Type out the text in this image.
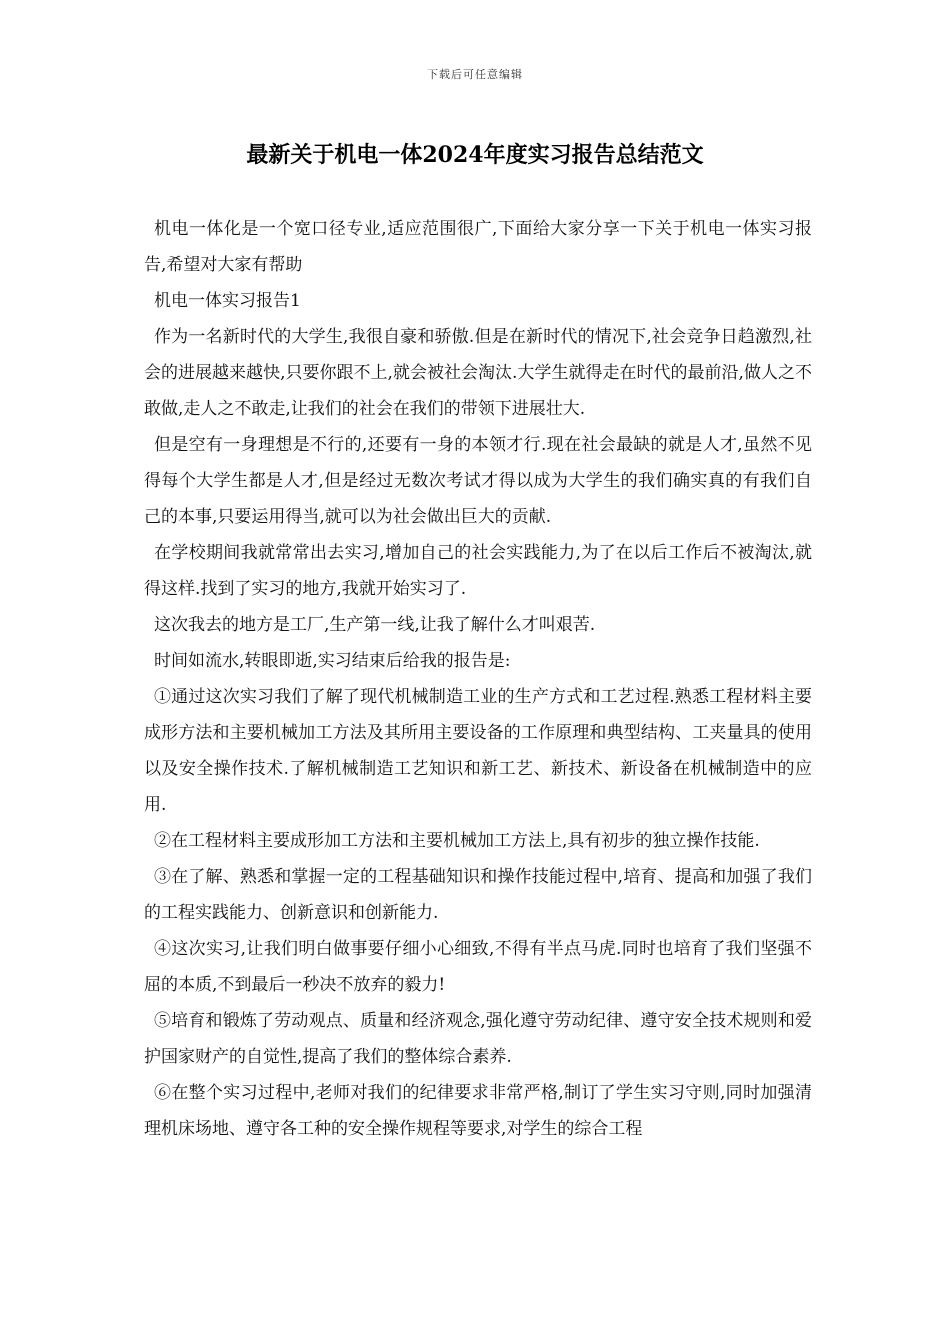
下载后可任意编辑
最新关于机电一体2024年度实习报告总结范文

机电一体化是一个宽口径专业,适应范围很广,下面给大家分享一下关于机电一体实习报告,希望对大家有帮助

机电一体实习报告1

作为一名新时代的大学生,我很自豪和骄傲.但是在新时代的情况下,社会竞争日趋激烈,社会的进展越来越快,只要你跟不上,就会被社会淘汰.大学生就得走在时代的最前沿,做人之不敢做,走人之不敢走,让我们的社会在我们的带领下进展壮大.

但是空有一身理想是不行的,还要有一身的本领才行.现在社会最缺的就是人才,虽然不见得每个大学生都是人才,但是经过无数次考试才得以成为大学生的我们确实真的有我们自己的本事,只要运用得当,就可以为社会做出巨大的贡献.

在学校期间我就常常出去实习,增加自己的社会实践能力,为了在以后工作后不被淘汰,就得这样.找到了实习的地方,我就开始实习了.

这次我去的地方是工厂,生产第一线,让我了解什么才叫艰苦.

时间如流水,转眼即逝,实习结束后给我的报告是:

①通过这次实习我们了解了现代机械制造工业的生产方式和工艺过程.熟悉工程材料主要成形方法和主要机械加工方法及其所用主要设备的工作原理和典型结构、工夹量具的使用以及安全操作技术.了解机械制造工艺知识和新工艺、新技术、新设备在机械制造中的应用.

②在工程材料主要成形加工方法和主要机械加工方法上,具有初步的独立操作技能.

③在了解、熟悉和掌握一定的工程基础知识和操作技能过程中,培育、提高和加强了我们的工程实践能力、创新意识和创新能力.

④这次实习,让我们明白做事要仔细小心细致,不得有半点马虎.同时也培育了我们坚强不屈的本质,不到最后一秒决不放弃的毅力!

⑤培育和锻炼了劳动观点、质量和经济观念,强化遵守劳动纪律、遵守安全技术规则和爱护国家财产的自觉性,提高了我们的整体综合素养.

⑥在整个实习过程中,老师对我们的纪律要求非常严格,制订了学生实习守则,同时加强清理机床场地、遵守各工种的安全操作规程等要求,对学生的综合工程
